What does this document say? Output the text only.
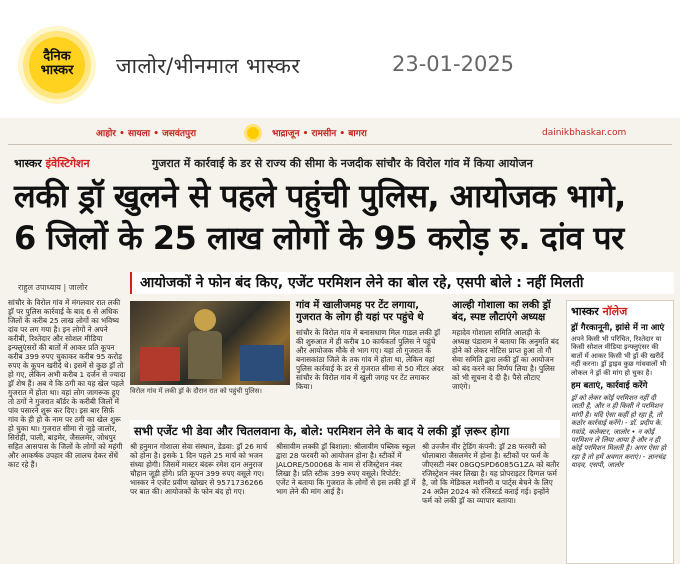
दैनिक
भास्कर	जालोर/भीनमाल भास्कर	23-01-2025
आहोर • सायला • जसवंतपुरा	भाद्राजून • रामसीन • बागरा	dainikbhaskar.com
भास्कर इंवेस्टिगेशन	गुजरात में कार्रवाई के डर से राज्य की सीमा के नजदीक सांचौर के विरोल गांव में किया आयोजन
लकी ड्रॉ खुलने से पहले पहुंची पुलिस, आयोजक भागे,
6 जिलों के 25 लाख लोगों के 95 करोड़ रु. दांव पर
राहुल उपाध्याय | जालोर	आयोजकों ने फोन बंद किए, एजेंट परमिशन लेने का बोल रहे, एसपी बोले : नहीं मिलती
सांचौर के विरोल गांव में मंगलवार रात लकी ड्रॉ पर पुलिस कार्रवाई के बाद 6 से अधिक जिलों के करीब 25 लाख लोगों का भविष्य दांव पर लग गया है। इन लोगों ने अपने करीबी, रिश्तेदार और सोशल मीडिया इन्फ्लुएंसरों की बातों में आकर प्रति कूपन करीब 399 रुपए चुकाकर करीब 95 करोड़ रुपए के कूपन खरीदे थे। इसमें से कुछ ड्रॉ तो हो गए, लेकिन अभी करीब 1 दर्जन से ज्यादा ड्रॉ शेष हैं। अब ये कि ठगी का यह खेल पहले गुजरात में होता था। वहां लोग जागरूक हुए तो ठगों ने गुजरात बॉर्डर के करीबी जिलों में पांव पसारने शुरू कर दिए। इस बार सिर्फ़ गांव के ही हो के नाम पर ठगी का खेल शुरू हो चुका था। गुजरात सीमा से जुड़े जालोर, सिरोही, पाली, बाड़मेर, जैसलमेर, जोधपुर सहित आसपास के जिलों के लोगों को महंगी और आकर्षक उपहार की लालच देकर सेंधें काट रहे हैं।
विरोल गांव में लकी ड्रॉ के दौरान रात को पहुंची पुलिस।
गांव में खालीजमह पर टेंट लगाया, गुजरात के लोग ही यहां पर पहुंचे थे
सांचौर के विरोल गांव में बनासधाण मिल गाडल लकी ड्रॉ की शुरुआत में ही करीब 10 कार्यकर्ता पुलिस ने पहुंचे और आयोजक मौके से भाग गए। यहां तो गुजरात के बनासकांठा जिले के तक गांव में होता था, लेकिन वहां पुलिस कार्रवाई के डर से गुजरात सीमा से 50 मीटर अंदर सांचौर के विरोल गांव में खुली जगह पर टेंट लगाकर किया।
आल्ही गोशाला का लकी ड्रॉ बंद, स्पष्ट लौटाएंगे अध्यक्ष
महादेव गोशाला समिति आलड़ी के अध्यक्ष पंडाराम ने बताया कि अनुमति बंद होने को लेकर नोटिस प्राप्त हुआ तो गौ सेवा समिति द्वारा लकी ड्रॉ का आयोजन को बंद करने का निर्णय लिया है। पुलिस को भी सूचना दे दी है। पैसे लौटाए जाएंगे।
भास्कर नॉलेज
ड्रॉ गैरकानूनी, झांसे में ना आएं
अपने किसी भी परिचित, रिश्तेदार या किसी सोशल मीडिया इन्फ्लुएंसर की बातों में आकर किसी भी ड्रॉ की खरीदें नहीं करना। ड्रॉ ड्राइव कुछ गांववालों भी लोकल ने ड्रॉ की मांग हो चुका है।
हम बताएं, कार्रवाई करेंगे
ड्रॉ को लेकर कोई परमिशन नहीं दी जाती है, और न ही किसी ने परमिशन मांगी है। यदि ऐसा कहीं हो रहा है, तो कठोर कार्रवाई करेंगे। - डॉ. प्रदीप के. गवांडे, कलेक्टर, जालोर • न कोई परमिशन ले लिया आया है और न ही कोई परमिशन मिलती है। अगर ऐसा हो रहा है तो हमें अवगत कराएं। - ज्ञानचंद्र यादव, एसपी, जालोर
सभी एजेंट भी डेवा और चितलवाना के, बोले: परमिशन लेने के बाद ये लकी ड्रॉ ज़रूर होगा
श्री हनुमान गोशाला सेवा संस्थान, डेडवा: ड्रॉ 26 मार्च को होना है। इसके 1 दिन पहले 25 मार्च को भजन संध्या होगी। जिसमें मास्टर बंदरू रमेश दान अनुराज चौहान जूड़ी होंगे। प्रति कूपन 399 रुपए वसूले गए। भास्कर ने एजेंट प्रवीण खोखर से 9571736266 पर बात की। आयोजकों के फोन बंद हो गए।
श्रीसावीम लक्की ड्रॉ बिशाला: श्रीलावीम पब्लिक स्कूल द्वारा 28 फरवरी को आयोजन होना है। स्टीकों में JALORE/500068 के नाम से रजिस्ट्रेशन नंबर लिखा है। प्रति स्टीक 399 रुपए वसूले। रिपोर्टर: एजेंट ने बताया कि गुजरात के लोगों से इस लकी ड्रॉ में भाग लेने की मांग आई है।
श्री उज्जैन वीर ट्रेडिंग कंपनी: ड्रॉ 28 फरवरी को धोलाबारा जैसलमेर में होना है। स्टीकों पर फर्म के जीएसटी नंबर 08GQSPD6085G1ZA को बतौर रजिस्ट्रेशन नंबर लिखा है। यह प्रोपराइटर दिग्गल फर्म है, जो कि मेडिकल मशीनरी व पार्ट्स बेचने के लिए 24 अप्रैल 2024 को रजिस्टर्ड कराई गई। इन्होंने फर्म को लकी ड्रॉ का व्यापार बताया।
